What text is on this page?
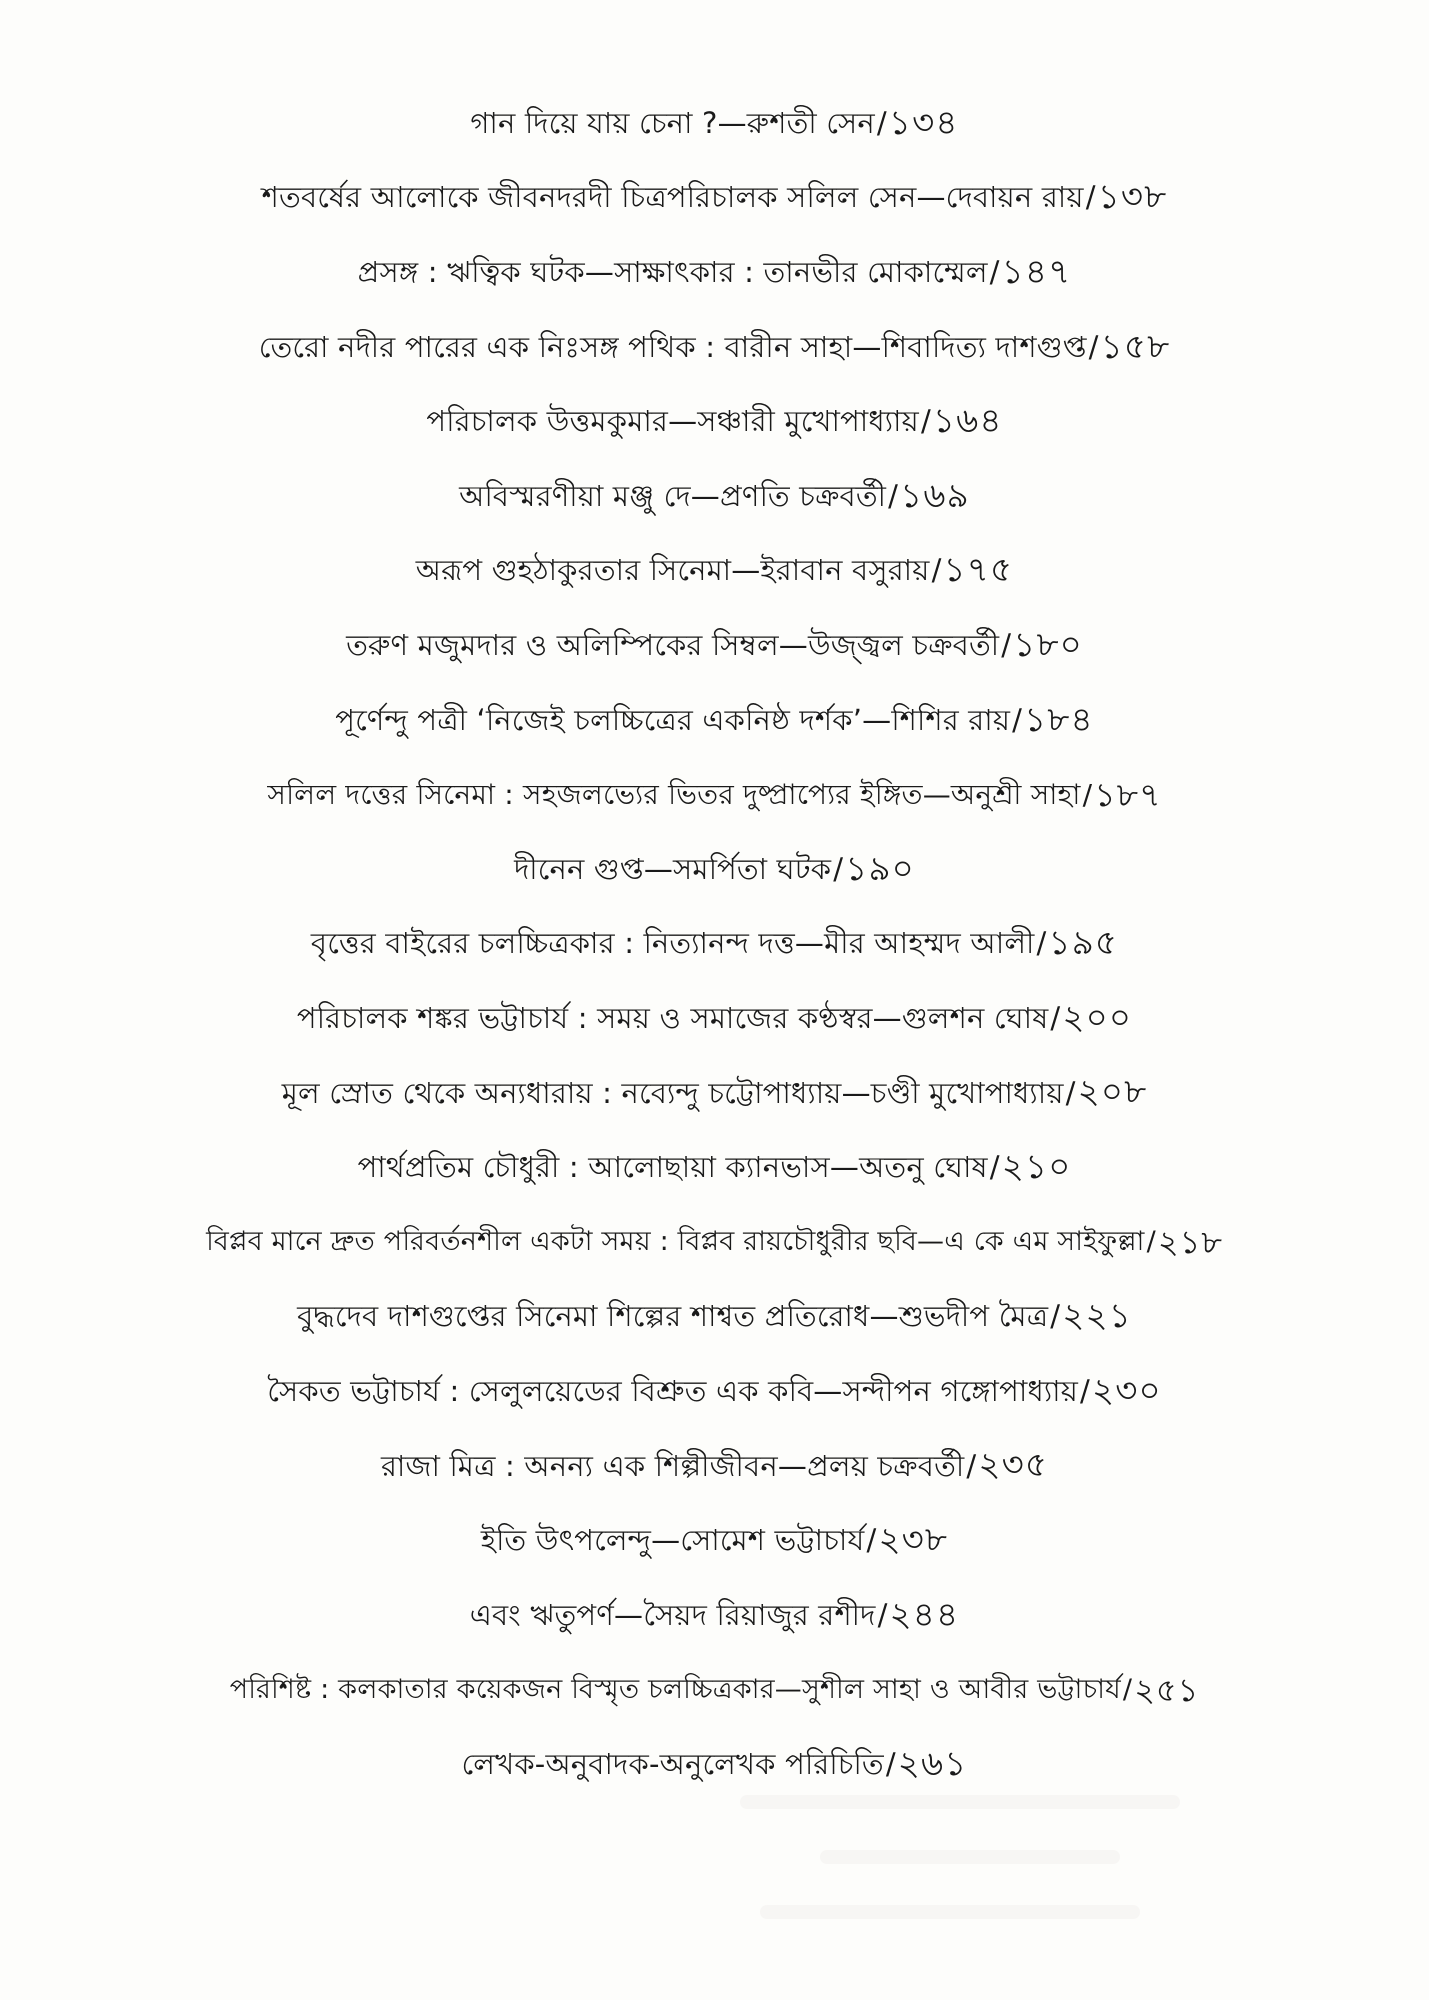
গান দিয়ে যায় চেনা ?—রুশতী সেন / ১৩৪
শতবর্ষের আলোকে জীবনদরদী চিত্রপরিচালক সলিল সেন—দেবায়ন রায় / ১৩৮
প্রসঙ্গ : ঋত্বিক ঘটক—সাক্ষাৎকার : তানভীর মোকাম্মেল / ১৪৭
তেরো নদীর পারের এক নিঃসঙ্গ পথিক : বারীন সাহা—শিবাদিত্য দাশগুপ্ত / ১৫৮
পরিচালক উত্তমকুমার—সঞ্চারী মুখোপাধ্যায় / ১৬৪
অবিস্মরণীয়া মঞ্জু দে—প্রণতি চক্রবর্তী / ১৬৯
অরূপ গুহঠাকুরতার সিনেমা—ইরাবান বসুরায় / ১৭৫
তরুণ মজুমদার ও অলিম্পিকের সিম্বল—উজ্জ্বল চক্রবর্তী / ১৮০
পূর্ণেন্দু পত্রী ‘নিজেই চলচ্চিত্রের একনিষ্ঠ দর্শক’—শিশির রায় / ১৮৪
সলিল দত্তের সিনেমা : সহজলভ্যের ভিতর দুষ্প্রাপ্যের ইঙ্গিত—অনুশ্রী সাহা / ১৮৭
দীনেন গুপ্ত—সমর্পিতা ঘটক / ১৯০
বৃত্তের বাইরের চলচ্চিত্রকার : নিত্যানন্দ দত্ত—মীর আহম্মদ আলী / ১৯৫
পরিচালক শঙ্কর ভট্টাচার্য : সময় ও সমাজের কণ্ঠস্বর—গুলশন ঘোষ / ২০০
মূল স্রোত থেকে অন্যধারায় : নব্যেন্দু চট্টোপাধ্যায়—চণ্ডী মুখোপাধ্যায় / ২০৮
পার্থপ্রতিম চৌধুরী : আলোছায়া ক্যানভাস—অতনু ঘোষ / ২১০
বিপ্লব মানে দ্রুত পরিবর্তনশীল একটা সময় : বিপ্লব রায়চৌধুরীর ছবি—এ কে এম সাইফুল্লা / ২১৮
বুদ্ধদেব দাশগুপ্তের সিনেমা শিল্পের শাশ্বত প্রতিরোধ—শুভদীপ মৈত্র / ২২১
সৈকত ভট্টাচার্য : সেলুলয়েডের বিশ্রুত এক কবি—সন্দীপন গঙ্গোপাধ্যায় / ২৩০
রাজা মিত্র : অনন্য এক শিল্পীজীবন—প্রলয় চক্রবর্তী / ২৩৫
ইতি উৎপলেন্দু—সোমেশ ভট্টাচার্য / ২৩৮
এবং ঋতুপর্ণ—সৈয়দ রিয়াজুর রশীদ / ২৪৪
পরিশিষ্ট : কলকাতার কয়েকজন বিস্মৃত চলচ্চিত্রকার—সুশীল সাহা ও আবীর ভট্টাচার্য / ২৫১
লেখক-অনুবাদক-অনুলেখক পরিচিতি / ২৬১
